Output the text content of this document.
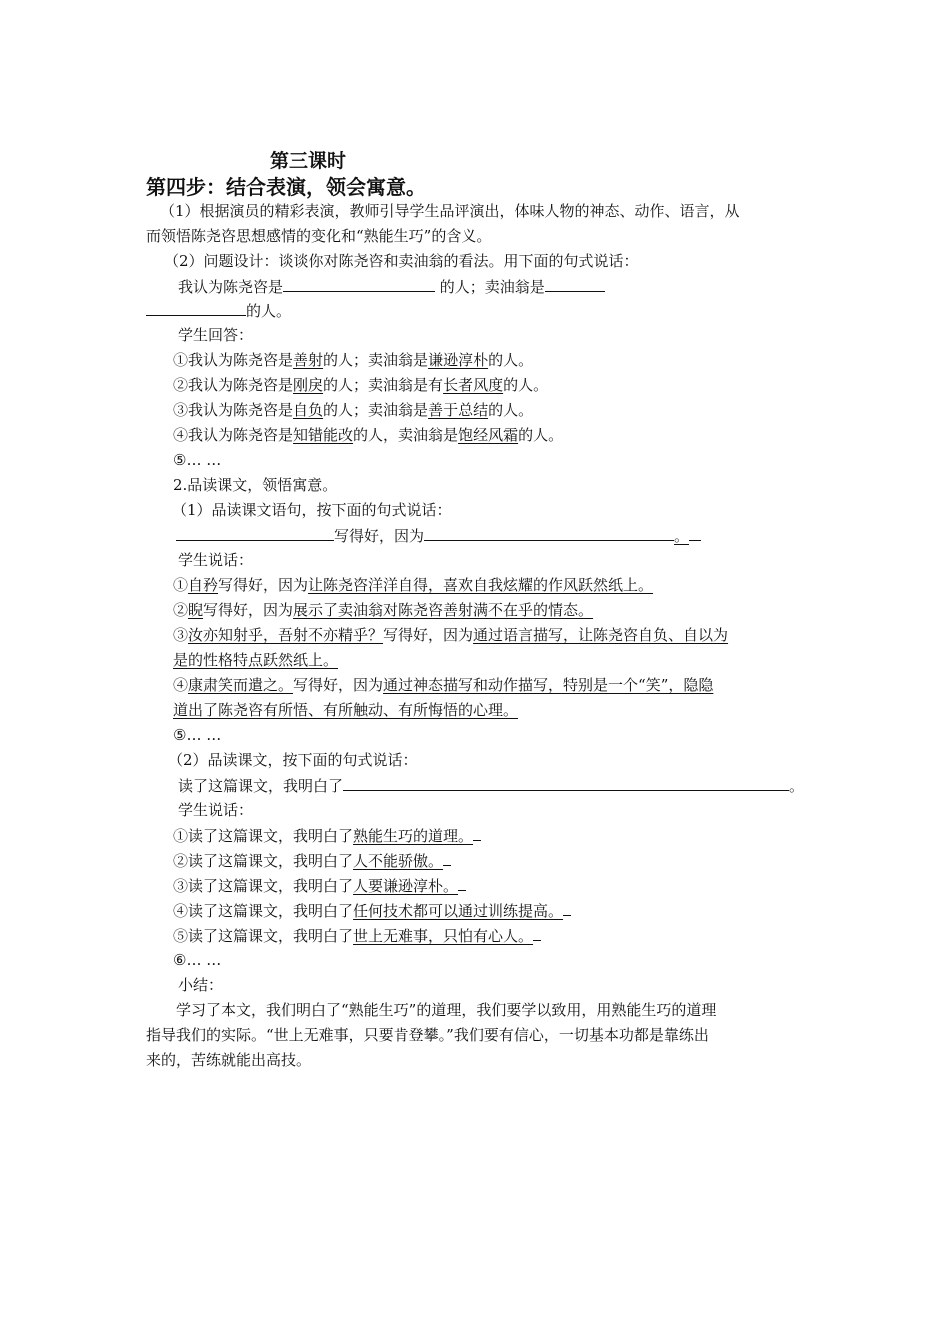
第三课时
第四步：结合表演，领会寓意。
（1）根据演员的精彩表演，教师引导学生品评演出，体味人物的神态、动作、语言，从
而领悟陈尧咨思想感情的变化和“熟能生巧”的含义。
（2）问题设计：谈谈你对陈尧咨和卖油翁的看法。用下面的句式说话：
我认为陈尧咨是	的人；卖油翁是
的人。
学生回答：
①我认为陈尧咨是善射的人；卖油翁是谦逊淳朴的人。
②我认为陈尧咨是刚戾的人；卖油翁是有长者风度的人。
③我认为陈尧咨是自负的人；卖油翁是善于总结的人。
④我认为陈尧咨是知错能改的人，卖油翁是饱经风霜的人。
⑤… …
2.品读课文，领悟寓意。
（1）品读课文语句，按下面的句式说话：
写得好，因为	。
学生说话：
①自矜写得好，因为让陈尧咨洋洋自得，喜欢自我炫耀的作风跃然纸上。
②睨写得好，因为展示了卖油翁对陈尧咨善射满不在乎的情态。
③汝亦知射乎，吾射不亦精乎？写得好，因为通过语言描写，让陈尧咨自负、自以为
是的性格特点跃然纸上。
④康肃笑而遣之。写得好，因为通过神态描写和动作描写，特别是一个“笑”，隐隐
道出了陈尧咨有所悟、有所触动、有所悔悟的心理。
⑤… …
（2）品读课文，按下面的句式说话：
读了这篇课文，我明白了	。
学生说话：
①读了这篇课文，我明白了熟能生巧的道理。
②读了这篇课文，我明白了人不能骄傲。
③读了这篇课文，我明白了人要谦逊淳朴。
④读了这篇课文，我明白了任何技术都可以通过训练提高。
⑤读了这篇课文，我明白了世上无难事，只怕有心人。
⑥… …
小结：
学习了本文，我们明白了“熟能生巧”的道理，我们要学以致用，用熟能生巧的道理
指导我们的实际。“世上无难事，只要肯登攀。”我们要有信心，一切基本功都是靠练出
来的，苦练就能出高技。
